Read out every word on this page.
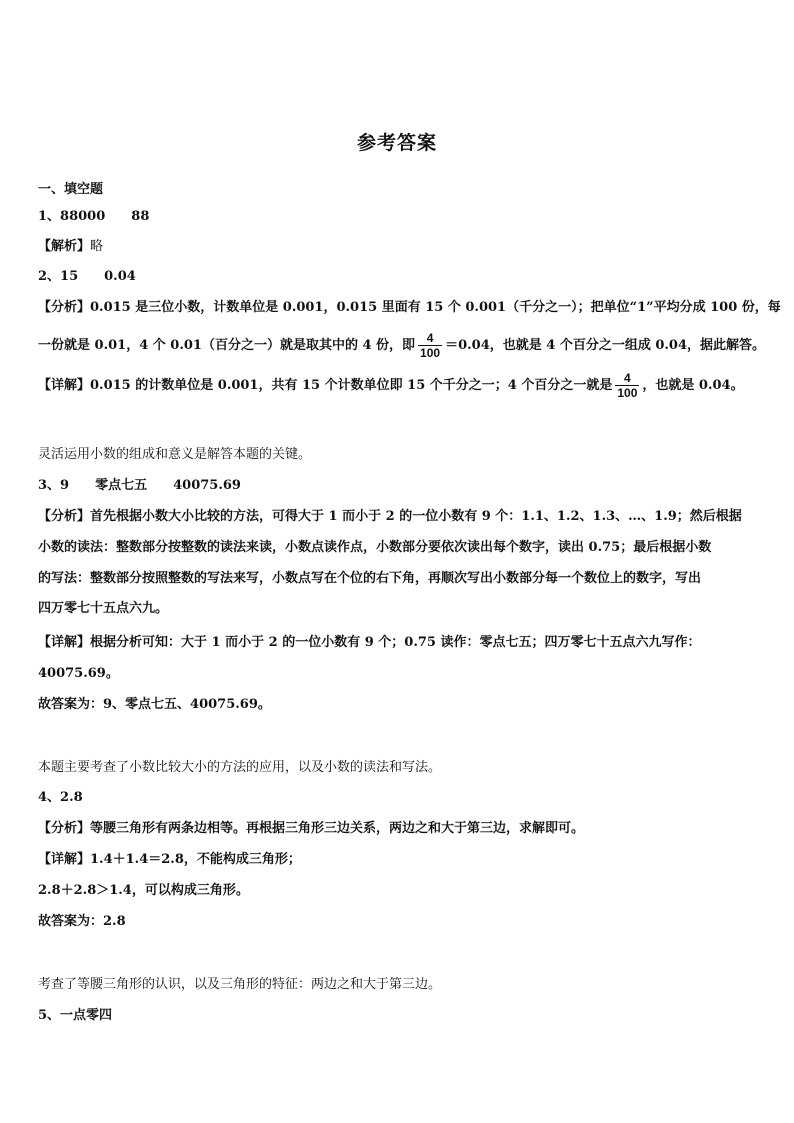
参考答案
一、填空题
1、88000 88
【解析】略
2、15 0.04
【分析】0.015 是三位小数，计数单位是 0.001，0.015 里面有 15 个 0.001（千分之一）；把单位“1”平均分成 100 份，每
一份就是 0.01，4 个 0.01（百分之一）就是取其中的 4 份，即 $\frac{4}{100} =0.04$，也就是 4 个百分之一组成 0.04，据此解答。
【详解】0.015 的计数单位是 0.001，共有 15 个计数单位即 15 个千分之一；4 个百分之一就是 $\frac{4}{100}$ ，也就是 0.04。
灵活运用小数的组成和意义是解答本题的关键。
3、9 零点七五 40075.69
【分析】首先根据小数大小比较的方法，可得大于 1 而小于 2 的一位小数有 9 个：1.1、1.2、1.3、…、1.9；然后根据
小数的读法：整数部分按整数的读法来读，小数点读作点，小数部分要依次读出每个数字，读出 0.75；最后根据小数
的写法：整数部分按照整数的写法来写，小数点写在个位的右下角，再顺次写出小数部分每一个数位上的数字，写出
四万零七十五点六九。
【详解】根据分析可知：大于 1 而小于 2 的一位小数有 9 个；0.75 读作：零点七五；四万零七十五点六九写作：
40075.69。
故答案为：9、零点七五、40075.69。
本题主要考查了小数比较大小的方法的应用，以及小数的读法和写法。
4、2.8
【分析】等腰三角形有两条边相等。再根据三角形三边关系，两边之和大于第三边，求解即可。
【详解】1.4＋1.4＝2.8，不能构成三角形；
2.8＋2.8＞1.4，可以构成三角形。
故答案为：2.8
考查了等腰三角形的认识，以及三角形的特征：两边之和大于第三边。
5、一点零四
